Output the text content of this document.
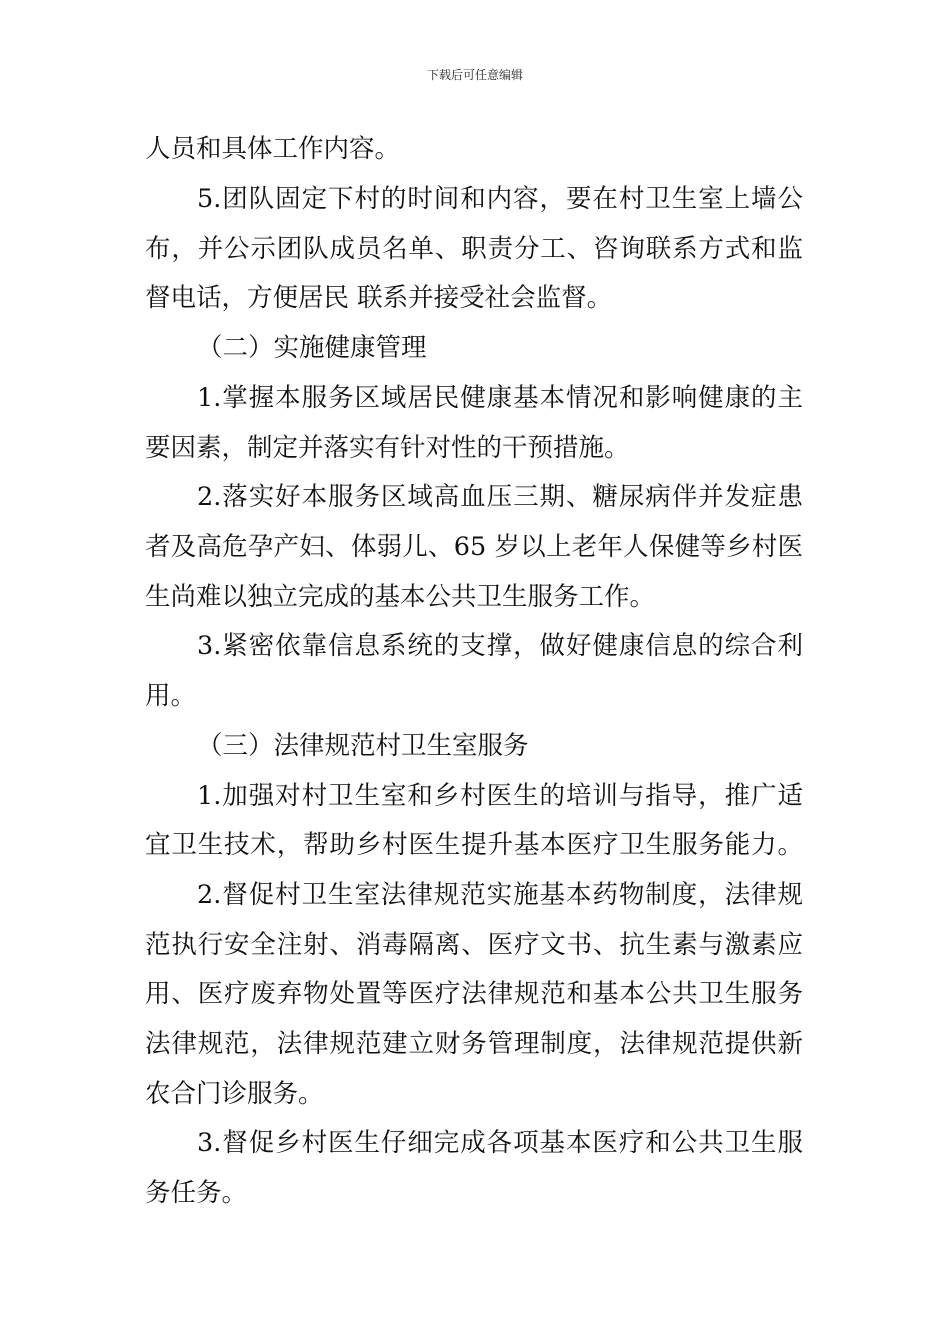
下载后可任意编辑
人员和具体工作内容。
5.团队固定下村的时间和内容，要在村卫生室上墙公
布，并公示团队成员名单、职责分工、咨询联系方式和监
督电话，方便居民 联系并接受社会监督。
（二）实施健康管理
1.掌握本服务区域居民健康基本情况和影响健康的主
要因素，制定并落实有针对性的干预措施。
2.落实好本服务区域高血压三期、糖尿病伴并发症患
者及高危孕产妇、体弱儿、65 岁以上老年人保健等乡村医
生尚难以独立完成的基本公共卫生服务工作。
3.紧密依靠信息系统的支撑，做好健康信息的综合利
用。
（三）法律规范村卫生室服务
1.加强对村卫生室和乡村医生的培训与指导，推广适
宜卫生技术，帮助乡村医生提升基本医疗卫生服务能力。
2.督促村卫生室法律规范实施基本药物制度，法律规
范执行安全注射、消毒隔离、医疗文书、抗生素与激素应
用、医疗废弃物处置等医疗法律规范和基本公共卫生服务
法律规范，法律规范建立财务管理制度，法律规范提供新
农合门诊服务。
3.督促乡村医生仔细完成各项基本医疗和公共卫生服
务任务。
